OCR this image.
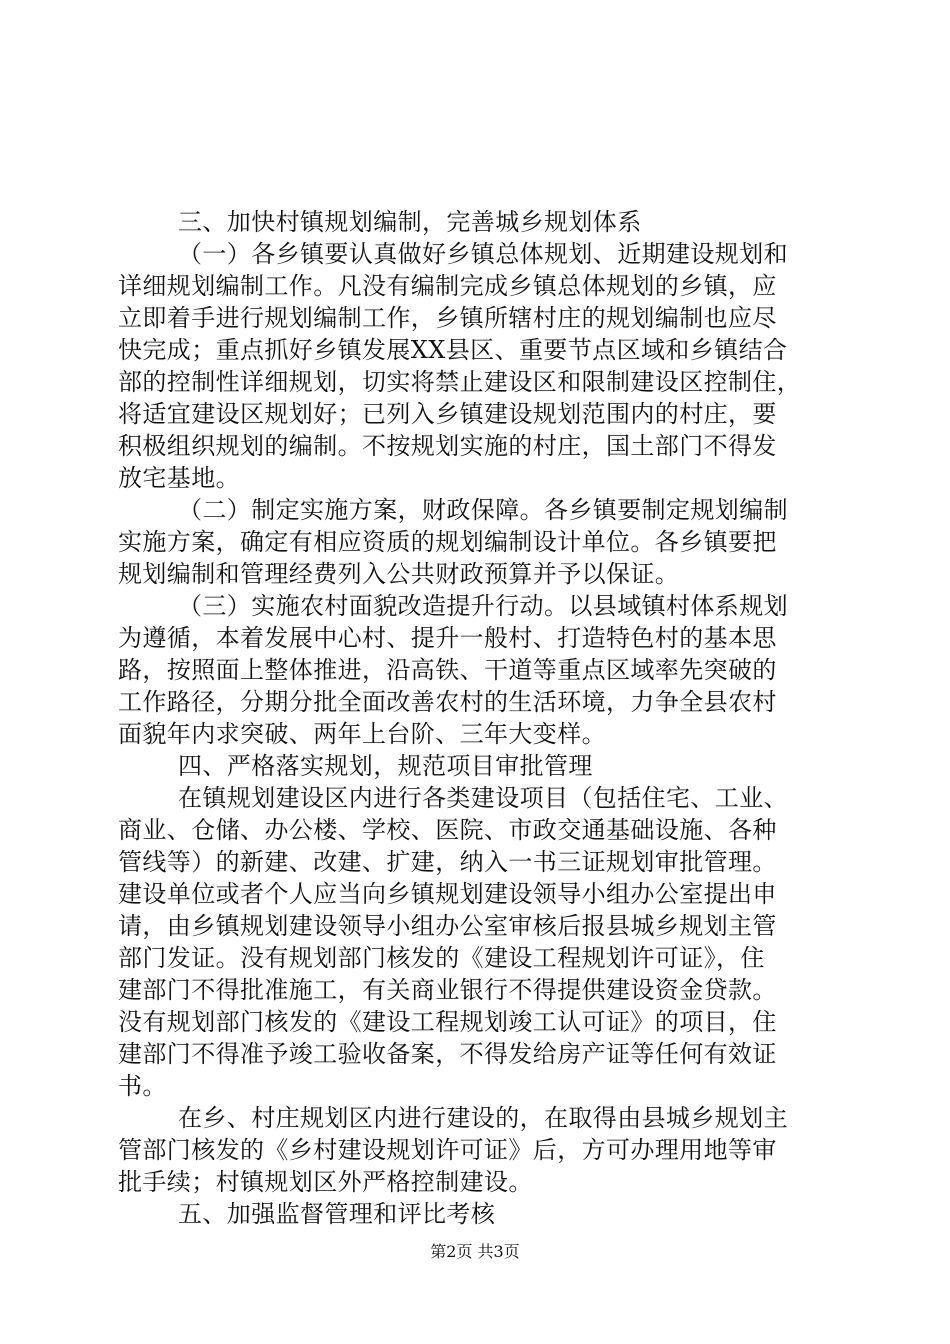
三、加快村镇规划编制，完善城乡规划体系
（一）各乡镇要认真做好乡镇总体规划、近期建设规划和
详细规划编制工作。凡没有编制完成乡镇总体规划的乡镇，应
立即着手进行规划编制工作，乡镇所辖村庄的规划编制也应尽
快完成；重点抓好乡镇发展XX县区、重要节点区域和乡镇结合
部的控制性详细规划，切实将禁止建设区和限制建设区控制住，
将适宜建设区规划好；已列入乡镇建设规划范围内的村庄，要
积极组织规划的编制。不按规划实施的村庄，国土部门不得发
放宅基地。
（二）制定实施方案，财政保障。各乡镇要制定规划编制
实施方案，确定有相应资质的规划编制设计单位。各乡镇要把
规划编制和管理经费列入公共财政预算并予以保证。
（三）实施农村面貌改造提升行动。以县域镇村体系规划
为遵循，本着发展中心村、提升一般村、打造特色村的基本思
路，按照面上整体推进，沿高铁、干道等重点区域率先突破的
工作路径，分期分批全面改善农村的生活环境，力争全县农村
面貌年内求突破、两年上台阶、三年大变样。
四、严格落实规划，规范项目审批管理
在镇规划建设区内进行各类建设项目（包括住宅、工业、
商业、仓储、办公楼、学校、医院、市政交通基础设施、各种
管线等）的新建、改建、扩建，纳入一书三证规划审批管理。
建设单位或者个人应当向乡镇规划建设领导小组办公室提出申
请，由乡镇规划建设领导小组办公室审核后报县城乡规划主管
部门发证。没有规划部门核发的《建设工程规划许可证》，住
建部门不得批准施工，有关商业银行不得提供建设资金贷款。
没有规划部门核发的《建设工程规划竣工认可证》的项目，住
建部门不得准予竣工验收备案，不得发给房产证等任何有效证
书。
在乡、村庄规划区内进行建设的，在取得由县城乡规划主
管部门核发的《乡村建设规划许可证》后，方可办理用地等审
批手续；村镇规划区外严格控制建设。
五、加强监督管理和评比考核
第2页 共3页
